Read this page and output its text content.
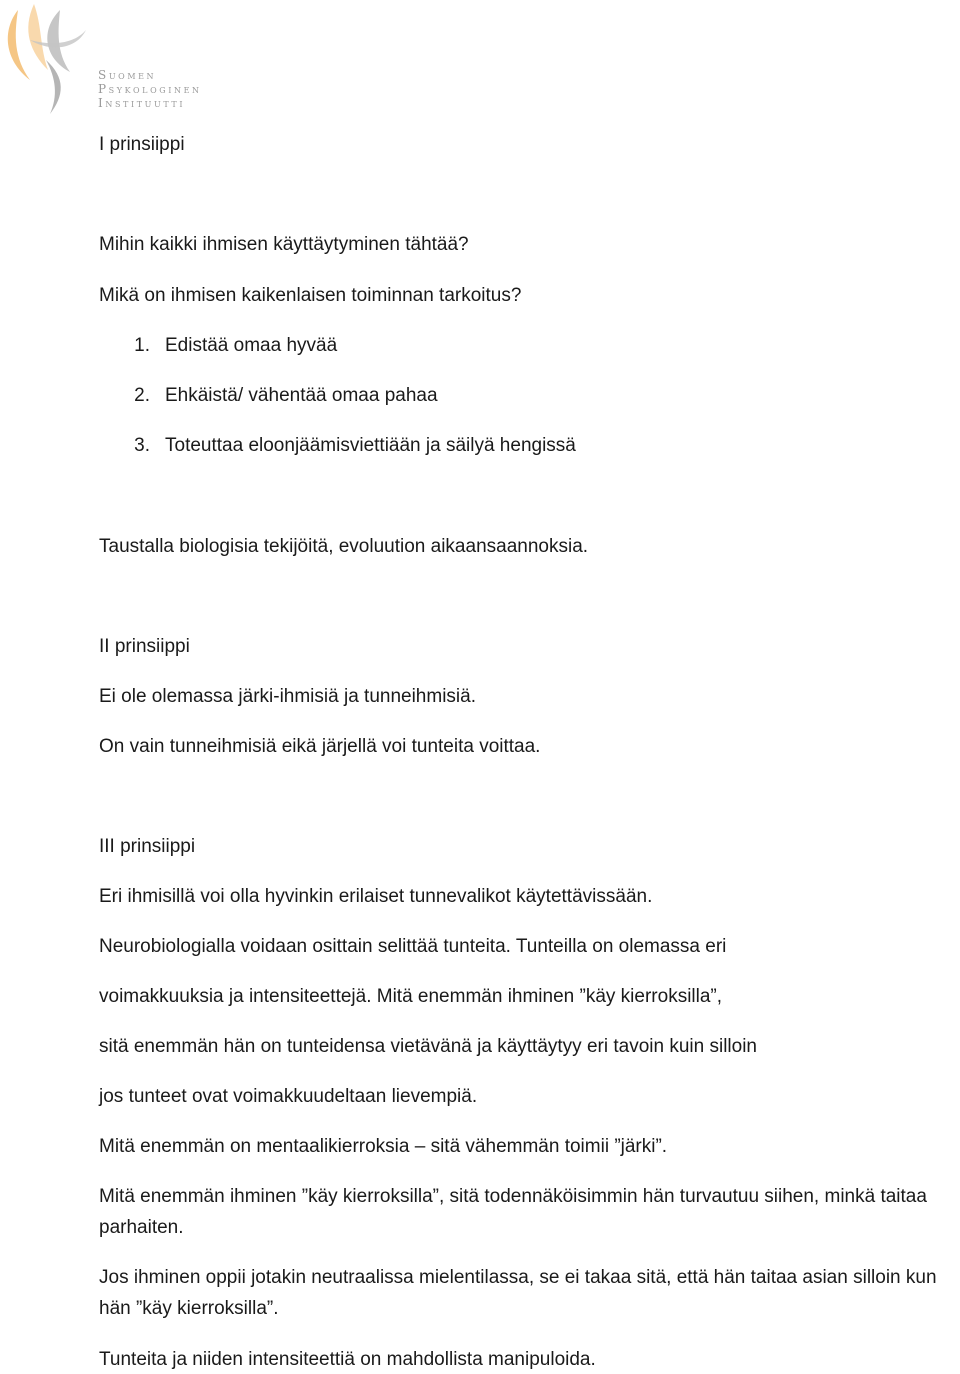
Suomen
Psykologinen
Instituutti
I prinsiippi
Mihin kaikki ihmisen käyttäytyminen tähtää?
Mikä on ihmisen kaikenlaisen toiminnan tarkoitus?
1. Edistää omaa hyvää
2. Ehkäistä/ vähentää omaa pahaa
3. Toteuttaa eloonjäämisviettiään ja säilyä hengissä
Taustalla biologisia tekijöitä, evoluution aikaansaannoksia.
II prinsiippi
Ei ole olemassa järki-ihmisiä ja tunneihmisiä.
On vain tunneihmisiä eikä järjellä voi tunteita voittaa.
III prinsiippi
Eri ihmisillä voi olla hyvinkin erilaiset tunnevalikot käytettävissään.
Neurobiologialla voidaan osittain selittää tunteita. Tunteilla on olemassa eri
voimakkuuksia ja intensiteettejä. Mitä enemmän ihminen ”käy kierroksilla”,
sitä enemmän hän on tunteidensa vietävänä ja käyttäytyy eri tavoin kuin silloin
jos tunteet ovat voimakkuudeltaan lievempiä.
Mitä enemmän on mentaalikierroksia – sitä vähemmän toimii ”järki”.
Mitä enemmän ihminen ”käy kierroksilla”, sitä todennäköisimmin hän turvautuu siihen, minkä taitaa parhaiten.
Jos ihminen oppii jotakin neutraalissa mielentilassa, se ei takaa sitä, että hän taitaa asian silloin kun hän ”käy kierroksilla”.
Tunteita ja niiden intensiteettiä on mahdollista manipuloida.
